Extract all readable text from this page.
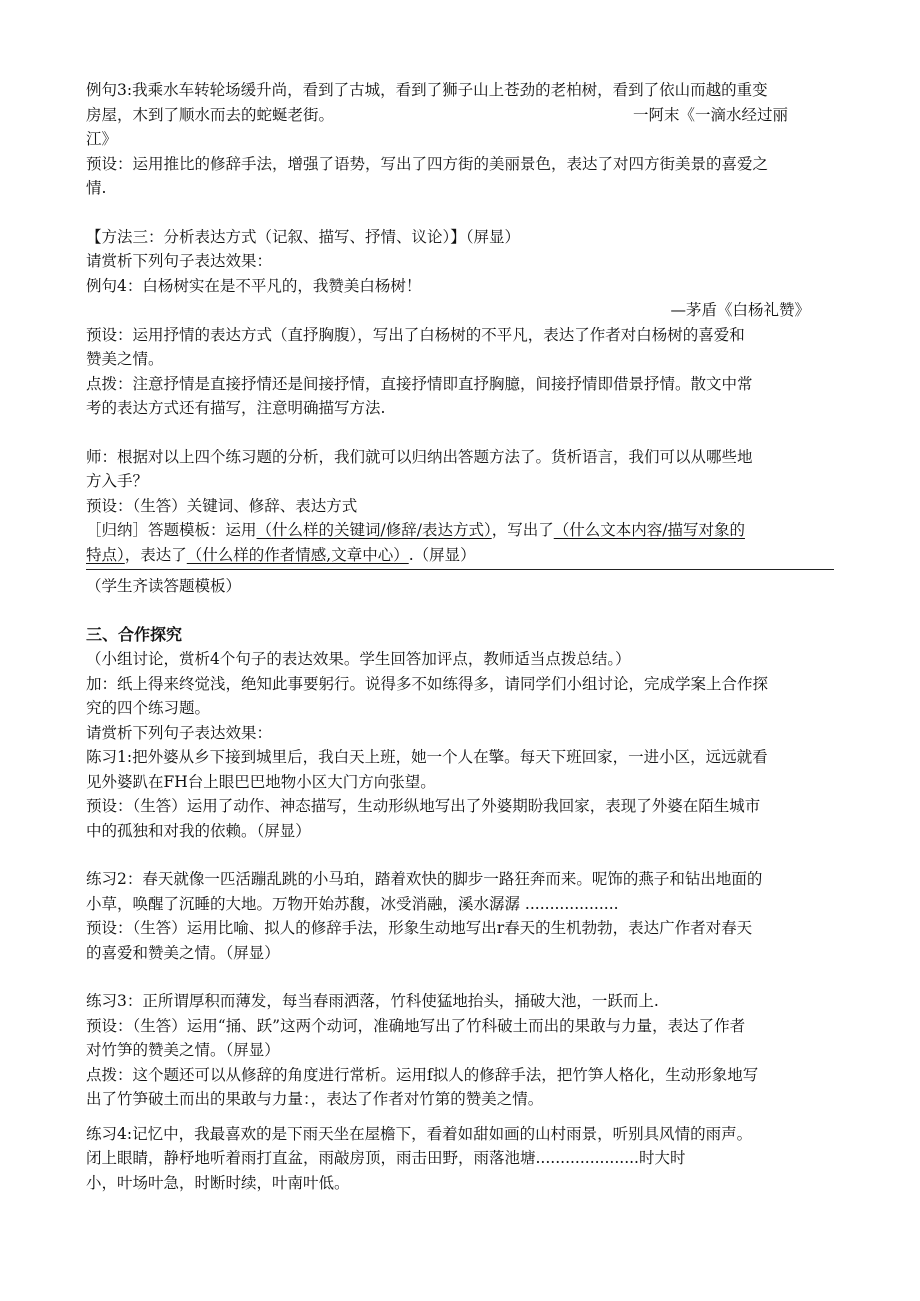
例句3:我乘水车转轮场缓升尚，看到了古城，看到了狮子山上苍劲的老柏树，看到了依山而越的重变

房屋，木到了顺水而去的蛇蜒老街。	一阿末《一滴水经过丽

江》

预设：运用推比的修辞手法，增强了语势，写出了四方街的美丽景色，表达了对四方街美景的喜爱之

情.

【方法三：分析表达方式（记叙、描写、抒情、议论）】（屏显）

请赏析下列句子表达效果：

例句4：白杨树实在是不平凡的，我赞美白杨树！

—茅盾《白杨礼赞》

预设：运用抒情的表达方式（直抒胸腹），写出了白杨树的不平凡，表达了作者对白杨树的喜爱和

赞美之情。

点拨：注意抒情是直接抒情还是间接抒情，直接抒情即直抒胸臆，间接抒情即借景抒情。散文中常

考的表达方式还有描写，注意明确描写方法.

师：根据对以上四个练习题的分析，我们就可以归纳出答题方法了。货析语言，我们可以从哪些地

方入手？

预设：（生答）关键词、修辞、表达方式

［归纳］答题模板：运用（什么样的关键词/修辞/表达方式），写出了（什么文本内容/描写对象的

特点），表达了（什么样的作者情感,文章中心）.（屏显）

（学生齐读答题模板）

三、合作探究

（小组讨论，赏析4个句子的表达效果。学生回答加评点，教师适当点拨总结。）

加：纸上得来终觉浅，绝知此事要躬行。说得多不如练得多，请同学们小组讨论，完成学案上合作探

究的四个练习题。

请赏析下列句子表达效果：

陈习1:把外婆从乡下接到城里后，我白天上班，她一个人在擎。每天下班回家，一进小区，远远就看

见外婆趴在FH台上眼巴巴地物小区大门方向张望。

预设：（生答）运用了动作、神态描写，生动形纵地写出了外婆期盼我回家，表现了外婆在陌生城市

中的孤独和对我的依赖。（屏显）

练习2：春天就像一匹活蹦乱跳的小马珀，踏着欢快的脚步一路狂奔而来。呢饰的燕子和钻出地面的

小草，唤醒了沉睡的大地。万物开始苏馥，冰受消融，溪水潺潺 ...................

预设：（生答）运用比喻、拟人的修辞手法，形象生动地写出r春天的生机勃勃，表达广作者对春天

的喜爱和赞美之情。（屏显）

练习3：正所谓厚积而薄发，每当春雨洒落，竹科使猛地抬头，捅破大池，一跃而上.

预设：（生答）运用“捅、跃”这两个动诃，准确地写出了竹科破土而出的果敢与力量，表达了作者

对竹笋的赞美之情。（屏显）

点拨：这个题还可以从修辞的角度进行常析。运用f拟人的修辞手法，把竹笋人格化，生动形象地写

出了竹笋破土而出的果敢与力量：，表达了作者对竹第的赞美之情。

练习4:记忆中，我最喜欢的是下雨天坐在屋檐下，看着如甜如画的山村雨景，听别具风情的雨声。

闭上眼睛，静杼地听着雨打直盆，雨敲房顶，雨击田野，雨落池塘.....................时大时

小，叶场叶急，时断时续，叶南叶低。
